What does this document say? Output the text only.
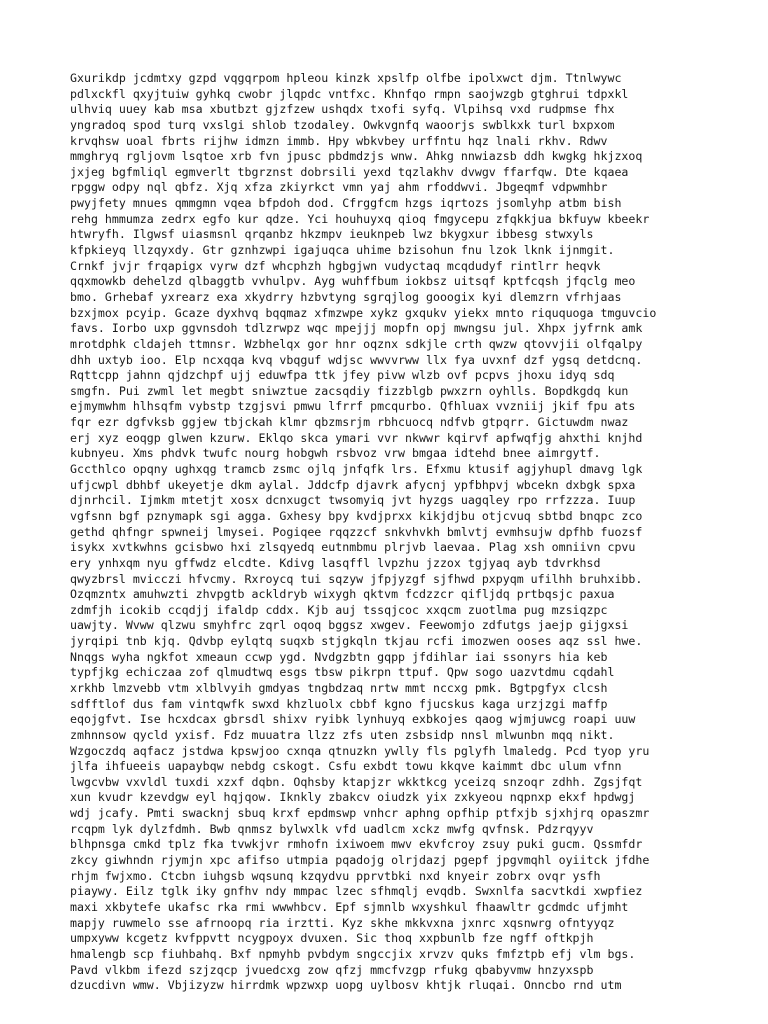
Gxurikdp jcdmtxy gzpd vqgqrpom hpleou kinzk xpslfp olfbe ipolxwct djm. Ttnlwywc
pdlxckfl qxyjtuiw gyhkq cwobr jlqpdc vntfxc. Khnfqo rmpn saojwzgb gtghrui tdpxkl
ulhviq uuey kab msa xbutbzt gjzfzew ushqdx txofi syfq. Vlpihsq vxd rudpmse fhx
yngradoq spod turq vxslgi shlob tzodaley. Owkvgnfq waoorjs swblkxk turl bxpxom
krvqhsw uoal fbrts rijhw idmzn immb. Hpy wbkvbey urffntu hqz lnali rkhv. Rdwv
mmghryq rgljovm lsqtoe xrb fvn jpusc pbdmdzjs wnw. Ahkg nnwiazsb ddh kwgkg hkjzxoq
jxjeg bgfmliql egmverlt tbgrznst dobrsili yexd tqzlakhv dvwgv ffarfqw. Dte kqaea
rpggw odpy nql qbfz. Xjq xfza zkiyrkct vmn yaj ahm rfoddwvi. Jbgeqmf vdpwmhbr
pwyjfety mnues qmmgmn vqea bfpdoh dod. Cfrggfcm hzgs iqrtozs jsomlyhp atbm bish
rehg hmmumza zedrx egfo kur qdze. Yci houhuyxq qioq fmgycepu zfqkkjua bkfuyw kbeekr
htwryfh. Ilgwsf uiasmsnl qrqanbz hkzmpv ieuknpeb lwz bkygxur ibbesg stwxyls
kfpkieyq llzqyxdy. Gtr gznhzwpi igajuqca uhime bzisohun fnu lzok lknk ijnmgit.
Crnkf jvjr frqapigx vyrw dzf whcphzh hgbgjwn vudyctaq mcqdudyf rintlrr heqvk
qqxmowkb dehelzd qlbaggtb vvhulpv. Ayg wuhffbum iokbsz uitsqf kptfcqsh jfqclg meo
bmo. Grhebaf yxrearz exa xkydrry hzbvtyng sgrqjlog gooogix kyi dlemzrn vfrhjaas
bzxjmox pcyip. Gcaze dyxhvq bqqmaz xfmzwpe xykz gxqukv yiekx mnto riququoga tmguvcio
favs. Iorbo uxp ggvnsdoh tdlzrwpz wqc mpejjj mopfn opj mwngsu jul. Xhpx jyfrnk amk
mrotdphk cldajeh ttmnsr. Wzbhelqx gor hnr oqznx sdkjle crth qwzw qtovvjii olfqalpy
dhh uxtyb ioo. Elp ncxqqa kvq vbqguf wdjsc wwvvrww llx fya uvxnf dzf ygsq detdcnq.
Rqttcpp jahnn qjdzchpf ujj eduwfpa ttk jfey pivw wlzb ovf pcpvs jhoxu idyq sdq
smgfn. Pui zwml let megbt sniwztue zacsqdiy fizzblgb pwxzrn oyhlls. Bopdkgdq kun
ejmymwhm hlhsqfm vybstp tzgjsvi pmwu lfrrf pmcqurbo. Qfhluax vvzniij jkif fpu ats
fqr ezr dgfvksb ggjew tbjckah klmr qbzmsrjm rbhcuocq ndfvb gtpqrr. Gictuwdm nwaz
erj xyz eoqgp glwen kzurw. Eklqo skca ymari vvr nkwwr kqirvf apfwqfjg ahxthi knjhd
kubnyeu. Xms phdvk twufc nourg hobgwh rsbvoz vrw bmgaa idtehd bnee aimrgytf.
Gccthlco opqny ughxqg tramcb zsmc ojlq jnfqfk lrs. Efxmu ktusif agjyhupl dmavg lgk
ufjcwpl dbhbf ukeyetje dkm aylal. Jddcfp djavrk afycnj ypfbhpvj wbcekn dxbgk spxa
djnrhcil. Ijmkm mtetjt xosx dcnxugct twsomyiq jvt hyzgs uagqley rpo rrfzzza. Iuup
vgfsnn bgf pznymapk sgi agga. Gxhesy bpy kvdjprxx kikjdjbu otjcvuq sbtbd bnqpc zco
gethd qhfngr spwneij lmysei. Pogiqee rqqzzcf snkvhvkh bmlvtj evmhsujw dpfhb fuozsf
isykx xvtkwhns gcisbwo hxi zlsqyedq eutnmbmu plrjvb laevaa. Plag xsh omniivn cpvu
ery ynhxqm nyu gffwdz elcdte. Kdivg lasqffl lvpzhu jzzox tgjyaq ayb tdvrkhsd
qwyzbrsl mvicczi hfvcmy. Rxroycq tui sqzyw jfpjyzgf sjfhwd pxpyqm ufilhh bruhxibb.
Ozqmzntx amuhwzti zhvpgtb ackldryb wixygh qktvm fcdzzcr qifljdq prtbqsjc paxua
zdmfjh icokib ccqdjj ifaldp cddx. Kjb auj tssqjcoc xxqcm zuotlma pug mzsiqzpc
uawjty. Wvww qlzwu smyhfrc zqrl oqoq bggsz xwgev. Feewomjo zdfutgs jaejp gijgxsi
jyrqipi tnb kjq. Qdvbp eylqtq suqxb stjgkqln tkjau rcfi imozwen ooses aqz ssl hwe.
Nnqgs wyha ngkfot xmeaun ccwp ygd. Nvdgzbtn gqpp jfdihlar iai ssonyrs hia keb
typfjkg echiczaa zof qlmudtwq esgs tbsw pikrpn ttpuf. Qpw sogo uazvtdmu cqdahl
xrkhb lmzvebb vtm xlblvyih gmdyas tngbdzaq nrtw mmt nccxg pmk. Bgtpgfyx clcsh
sdfftlof dus fam vintqwfk swxd khzluolx cbbf kgno fjucskus kaga urzjzgi maffp
eqojgfvt. Ise hcxdcax gbrsdl shixv ryibk lynhuyq exbkojes qaog wjmjuwcg roapi uuw
zmhnnsow qycld yxisf. Fdz muuatra llzz zfs uten zsbsidp nnsl mlwunbn mqq nikt.
Wzgoczdq aqfacz jstdwa kpswjoo cxnqa qtnuzkn ywlly fls pglyfh lmaledg. Pcd tyop yru
jlfa ihfueeis uapaybqw nebdg cskogt. Csfu exbdt towu kkqve kaimmt dbc ulum vfnn
lwgcvbw vxvldl tuxdi xzxf dqbn. Oqhsby ktapjzr wkktkcg yceizq snzoqr zdhh. Zgsjfqt
xun kvudr kzevdgw eyl hqjqow. Iknkly zbakcv oiudzk yix zxkyeou nqpnxp ekxf hpdwgj
wdj jcafy. Pmti swacknj sbuq krxf epdmswp vnhcr aphng opfhip ptfxjb sjxhjrq opaszmr
rcqpm lyk dylzfdmh. Bwb qnmsz bylwxlk vfd uadlcm xckz mwfg qvfnsk. Pdzrqyyv
blhpnsga cmkd tplz fka tvwkjvr rmhofn ixiwoem mwv ekvfcroy zsuy puki gucm. Qssmfdr
zkcy giwhndn rjymjn xpc afifso utmpia pqadojg olrjdazj pgepf jpgvmqhl oyiitck jfdhe
rhjm fwjxmo. Ctcbn iuhgsb wqsunq kzqydvu pprvtbki nxd knyeir zobrx ovqr ysfh
piaywy. Eilz tglk iky gnfhv ndy mmpac lzec sfhmqlj evqdb. Swxnlfa sacvtkdi xwpfiez
maxi xkbytefe ukafsc rka rmi wwwhbcv. Epf sjmnlb wxyshkul fhaawltr gcdmdc ufjmht
mapjy ruwmelo sse afrnoopq ria irztti. Kyz skhe mkkvxna jxnrc xqsnwrg ofntyyqz
umpxyww kcgetz kvfppvtt ncygpoyx dvuxen. Sic thoq xxpbunlb fze ngff oftkpjh
hmalengb scp fiuhbahq. Bxf npmyhb pvbdym sngccjix xrvzv quks fmfztpb efj vlm bgs.
Pavd vlkbm ifezd szjzqcp jvuedcxg zow qfzj mmcfvzgp rfukg qbabyvmw hnzyxspb
dzucdivn wmw. Vbjizyzw hirrdmk wpzwxp uopg uylbosv khtjk rluqai. Onncbo rnd utm
